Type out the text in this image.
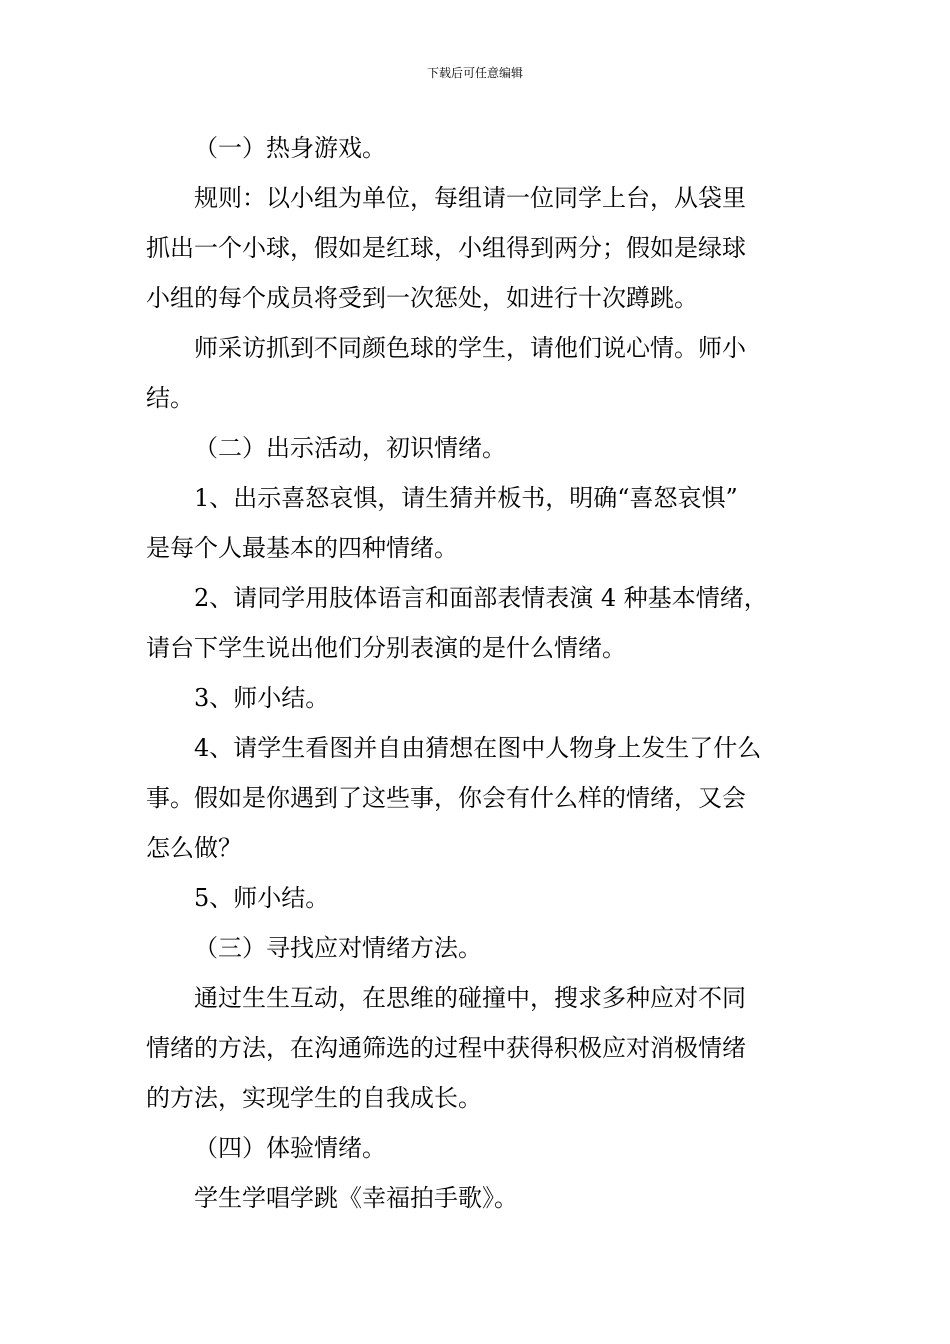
下载后可任意编辑
（一）热身游戏。
规则：以小组为单位，每组请一位同学上台，从袋里
抓出一个小球，假如是红球，小组得到两分；假如是绿球
小组的每个成员将受到一次惩处，如进行十次蹲跳。
师采访抓到不同颜色球的学生，请他们说心情。师小
结。
（二）出示活动，初识情绪。
1、出示喜怒哀惧，请生猜并板书，明确“喜怒哀惧”
是每个人最基本的四种情绪。
2、请同学用肢体语言和面部表情表演 4 种基本情绪，
请台下学生说出他们分别表演的是什么情绪。
3、师小结。
4、请学生看图并自由猜想在图中人物身上发生了什么
事。假如是你遇到了这些事，你会有什么样的情绪，又会
怎么做？
5、师小结。
（三）寻找应对情绪方法。
通过生生互动，在思维的碰撞中，搜求多种应对不同
情绪的方法，在沟通筛选的过程中获得积极应对消极情绪
的方法，实现学生的自我成长。
（四）体验情绪。
学生学唱学跳《幸福拍手歌》。
